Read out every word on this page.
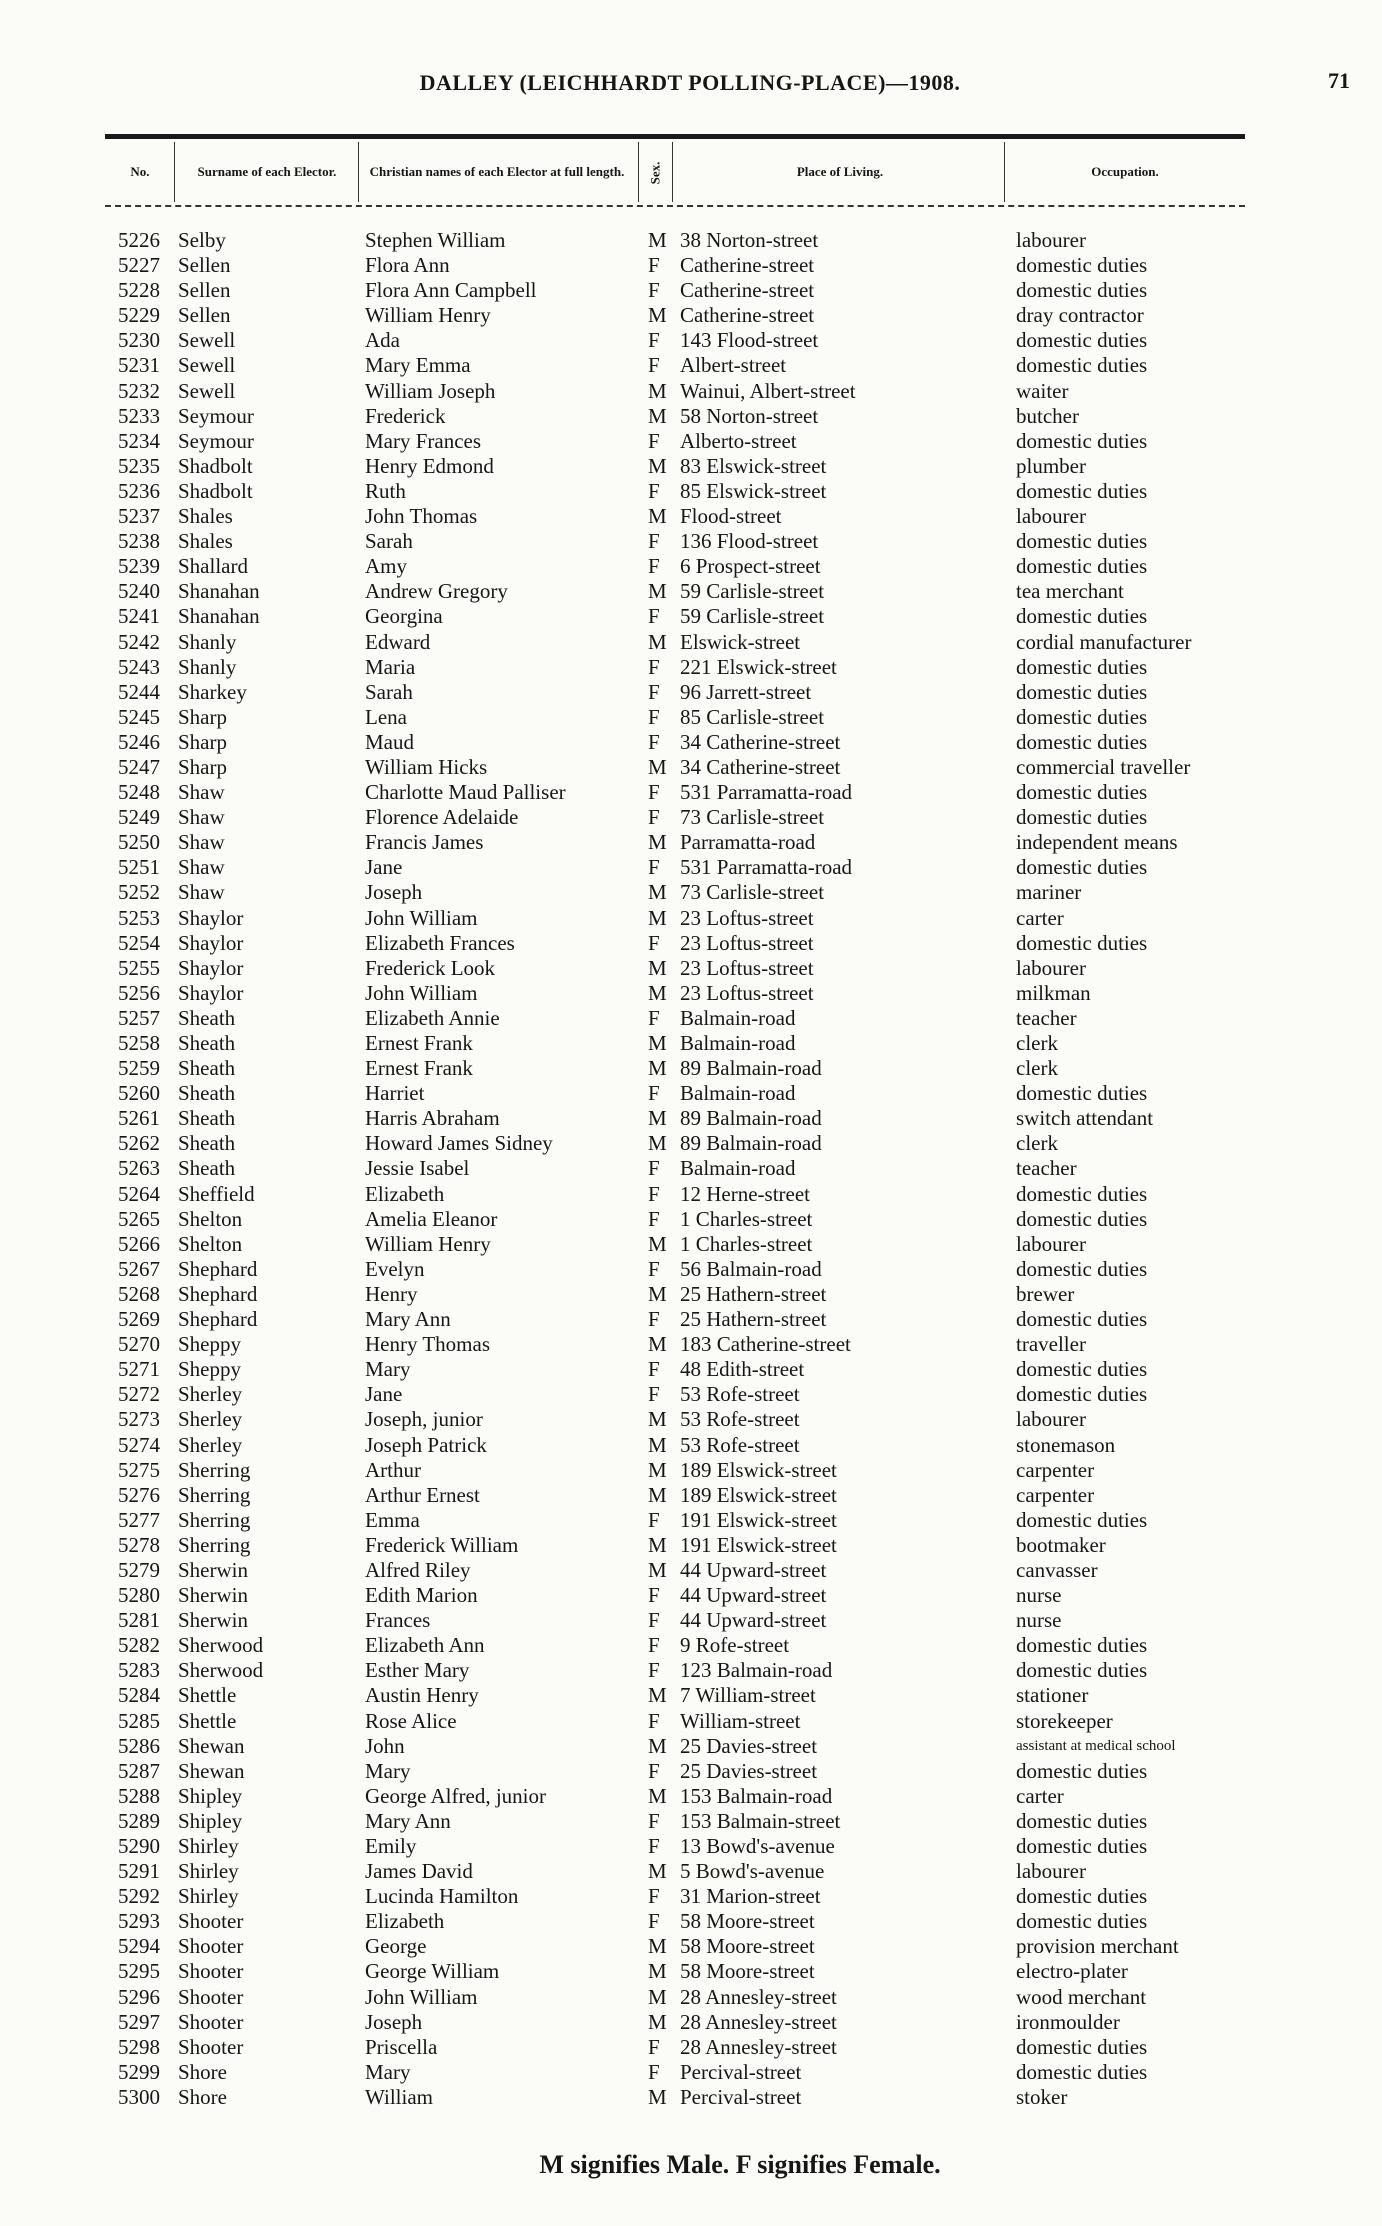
DALLEY (LEICHHARDT POLLING-PLACE)—1908.	71
No.	Surname of each Elector.	Christian names of each Elector at full length.	Sex.	Place of Living.	Occupation.
5226 Selby	Stephen William	M 38 Norton-street	labourer
5227 Sellen	Flora Ann	F Catherine-street	domestic duties
5228 Sellen	Flora Ann Campbell	F Catherine-street	domestic duties
5229 Sellen	William Henry	M Catherine-street	dray contractor
5230 Sewell	Ada	F 143 Flood-street	domestic duties
5231 Sewell	Mary Emma	F Albert-street	domestic duties
5232 Sewell	William Joseph	M Wainui, Albert-street	waiter
5233 Seymour	Frederick	M 58 Norton-street	butcher
5234 Seymour	Mary Frances	F Alberto-street	domestic duties
5235 Shadbolt	Henry Edmond	M 83 Elswick-street	plumber
5236 Shadbolt	Ruth	F 85 Elswick-street	domestic duties
5237 Shales	John Thomas	M Flood-street	labourer
5238 Shales	Sarah	F 136 Flood-street	domestic duties
5239 Shallard	Amy	F 6 Prospect-street	domestic duties
5240 Shanahan	Andrew Gregory	M 59 Carlisle-street	tea merchant
5241 Shanahan	Georgina	F 59 Carlisle-street	domestic duties
5242 Shanly	Edward	M Elswick-street	cordial manufacturer
5243 Shanly	Maria	F 221 Elswick-street	domestic duties
5244 Sharkey	Sarah	F 96 Jarrett-street	domestic duties
5245 Sharp	Lena	F 85 Carlisle-street	domestic duties
5246 Sharp	Maud	F 34 Catherine-street	domestic duties
5247 Sharp	William Hicks	M 34 Catherine-street	commercial traveller
5248 Shaw	Charlotte Maud Palliser	F 531 Parramatta-road	domestic duties
5249 Shaw	Florence Adelaide	F 73 Carlisle-street	domestic duties
5250 Shaw	Francis James	M Parramatta-road	independent means
5251 Shaw	Jane	F 531 Parramatta-road	domestic duties
5252 Shaw	Joseph	M 73 Carlisle-street	mariner
5253 Shaylor	John William	M 23 Loftus-street	carter
5254 Shaylor	Elizabeth Frances	F 23 Loftus-street	domestic duties
5255 Shaylor	Frederick Look	M 23 Loftus-street	labourer
5256 Shaylor	John William	M 23 Loftus-street	milkman
5257 Sheath	Elizabeth Annie	F Balmain-road	teacher
5258 Sheath	Ernest Frank	M Balmain-road	clerk
5259 Sheath	Ernest Frank	M 89 Balmain-road	clerk
5260 Sheath	Harriet	F Balmain-road	domestic duties
5261 Sheath	Harris Abraham	M 89 Balmain-road	switch attendant
5262 Sheath	Howard James Sidney	M 89 Balmain-road	clerk
5263 Sheath	Jessie Isabel	F Balmain-road	teacher
5264 Sheffield	Elizabeth	F 12 Herne-street	domestic duties
5265 Shelton	Amelia Eleanor	F 1 Charles-street	domestic duties
5266 Shelton	William Henry	M 1 Charles-street	labourer
5267 Shephard	Evelyn	F 56 Balmain-road	domestic duties
5268 Shephard	Henry	M 25 Hathern-street	brewer
5269 Shephard	Mary Ann	F 25 Hathern-street	domestic duties
5270 Sheppy	Henry Thomas	M 183 Catherine-street	traveller
5271 Sheppy	Mary	F 48 Edith-street	domestic duties
5272 Sherley	Jane	F 53 Rofe-street	domestic duties
5273 Sherley	Joseph, junior	M 53 Rofe-street	labourer
5274 Sherley	Joseph Patrick	M 53 Rofe-street	stonemason
5275 Sherring	Arthur	M 189 Elswick-street	carpenter
5276 Sherring	Arthur Ernest	M 189 Elswick-street	carpenter
5277 Sherring	Emma	F 191 Elswick-street	domestic duties
5278 Sherring	Frederick William	M 191 Elswick-street	bootmaker
5279 Sherwin	Alfred Riley	M 44 Upward-street	canvasser
5280 Sherwin	Edith Marion	F 44 Upward-street	nurse
5281 Sherwin	Frances	F 44 Upward-street	nurse
5282 Sherwood	Elizabeth Ann	F 9 Rofe-street	domestic duties
5283 Sherwood	Esther Mary	F 123 Balmain-road	domestic duties
5284 Shettle	Austin Henry	M 7 William-street	stationer
5285 Shettle	Rose Alice	F William-street	storekeeper
5286 Shewan	John	M 25 Davies-street	assistant at medical school
5287 Shewan	Mary	F 25 Davies-street	domestic duties
5288 Shipley	George Alfred, junior	M 153 Balmain-road	carter
5289 Shipley	Mary Ann	F 153 Balmain-street	domestic duties
5290 Shirley	Emily	F 13 Bowd's-avenue	domestic duties
5291 Shirley	James David	M 5 Bowd's-avenue	labourer
5292 Shirley	Lucinda Hamilton	F 31 Marion-street	domestic duties
5293 Shooter	Elizabeth	F 58 Moore-street	domestic duties
5294 Shooter	George	M 58 Moore-street	provision merchant
5295 Shooter	George William	M 58 Moore-street	electro-plater
5296 Shooter	John William	M 28 Annesley-street	wood merchant
5297 Shooter	Joseph	M 28 Annesley-street	ironmoulder
5298 Shooter	Priscella	F 28 Annesley-street	domestic duties
5299 Shore	Mary	F Percival-street	domestic duties
5300 Shore	William	M Percival-street	stoker
M signifies Male. F signifies Female.
